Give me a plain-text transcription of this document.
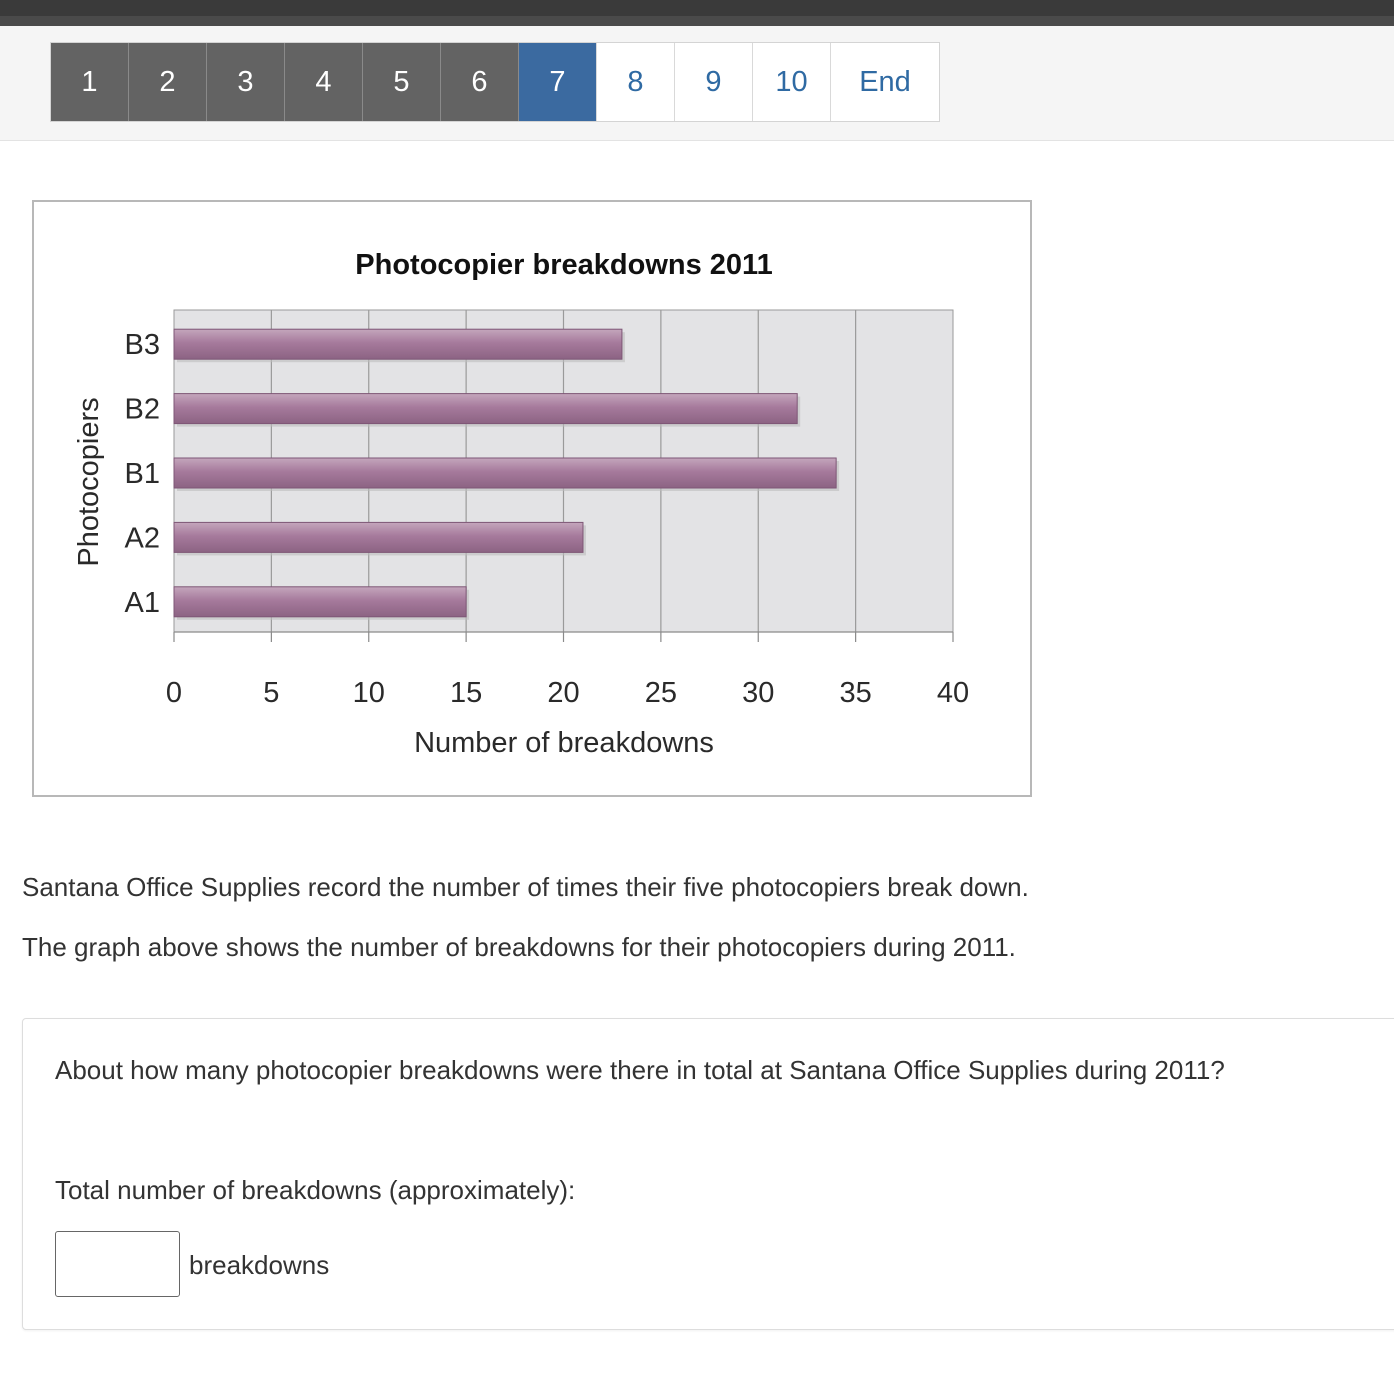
1	2	3	4	5	6	7	8	9	10	End
0	5	10 15 20 25 30 35 40
A1
A2
B1
B2
B3
Photocopier breakdowns 2011
Number of breakdowns
Photocopiers
Santana Office Supplies record the number of times their five photocopiers break down.
The graph above shows the number of breakdowns for their photocopiers during 2011.
About how many photocopier breakdowns were there in total at Santana Office Supplies during 2011?
Total number of breakdowns (approximately):
breakdowns
